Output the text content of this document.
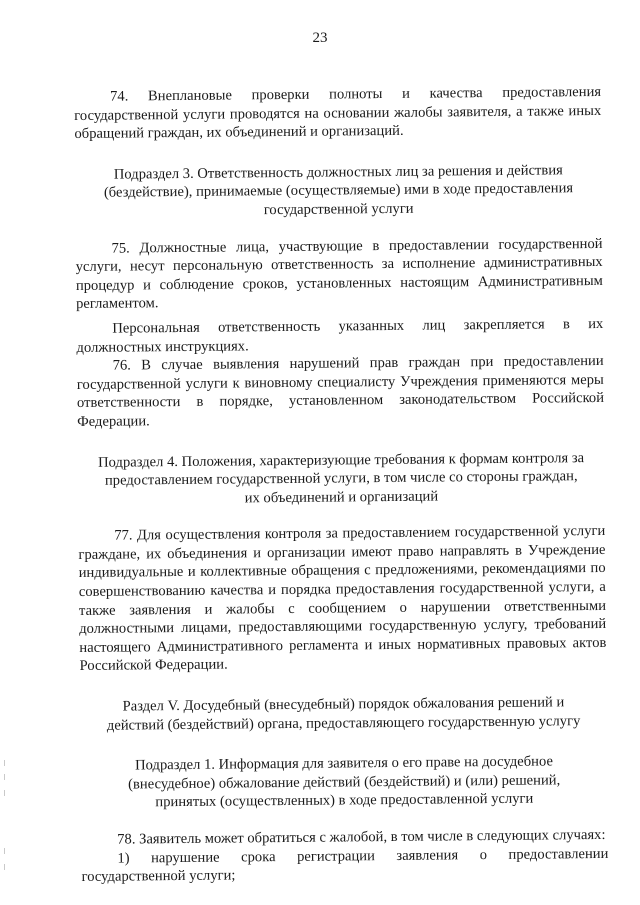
23

74. Внеплановые проверки полноты и качества предоставления государственной услуги проводятся на основании жалобы заявителя, а также иных обращений граждан, их объединений и организаций.

Подраздел 3. Ответственность должностных лиц за решения и действия (бездействие), принимаемые (осуществляемые) ими в ходе предоставления государственной услуги

75. Должностные лица, участвующие в предоставлении государственной услуги, несут персональную ответственность за исполнение административных процедур и соблюдение сроков, установленных настоящим Административным регламентом.

Персональная ответственность указанных лиц закрепляется в их должностных инструкциях.

76. В случае выявления нарушений прав граждан при предоставлении государственной услуги к виновному специалисту Учреждения применяются меры ответственности в порядке, установленном законодательством Российской Федерации.

Подраздел 4. Положения, характеризующие требования к формам контроля за предоставлением государственной услуги, в том числе со стороны граждан, их объединений и организаций

77. Для осуществления контроля за предоставлением государственной услуги граждане, их объединения и организации имеют право направлять в Учреждение индивидуальные и коллективные обращения с предложениями, рекомендациями по совершенствованию качества и порядка предоставления государственной услуги, а также заявления и жалобы с сообщением о нарушении ответственными должностными лицами, предоставляющими государственную услугу, требований настоящего Административного регламента и иных нормативных правовых актов Российской Федерации.

Раздел V. Досудебный (внесудебный) порядок обжалования решений и действий (бездействий) органа, предоставляющего государственную услугу

Подраздел 1. Информация для заявителя о его праве на досудебное (внесудебное) обжалование действий (бездействий) и (или) решений, принятых (осуществленных) в ходе предоставленной услуги

78. Заявитель может обратиться с жалобой, в том числе в следующих случаях:

1) нарушение срока регистрации заявления о предоставлении государственной услуги;
